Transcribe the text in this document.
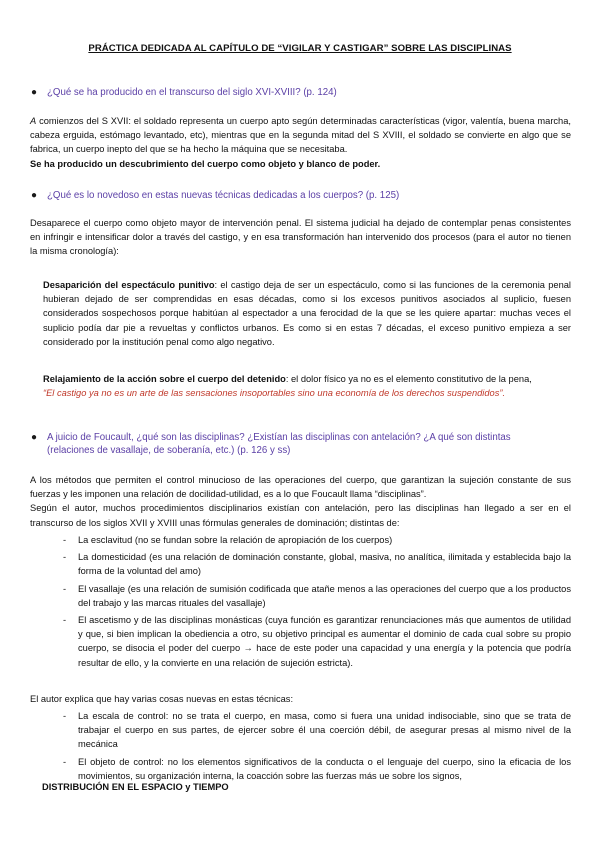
PRÁCTICA DEDICADA AL CAPÍTULO DE “VIGILAR Y CASTIGAR” SOBRE LAS DISCIPLINAS
● ¿Qué se ha producido en el transcurso del siglo XVI-XVIII? (p. 124)

A comienzos del S XVII: el soldado representa un cuerpo apto según determinadas características (vigor, valentía, buena marcha, cabeza erguida, estómago levantado, etc), mientras que en la segunda mitad del S XVIII, el soldado se convierte en algo que se fabrica, un cuerpo inepto del que se ha hecho la máquina que se necesitaba.

Se ha producido un descubrimiento del cuerpo como objeto y blanco de poder.

● ¿Qué es lo novedoso en estas nuevas técnicas dedicadas a los cuerpos? (p. 125)

Desaparece el cuerpo como objeto mayor de intervención penal. El sistema judicial ha dejado de contemplar penas consistentes en infringir e intensificar dolor a través del castigo, y en esa transformación han intervenido dos procesos (para el autor no tienen la misma cronología):

Desaparición del espectáculo punitivo: el castigo deja de ser un espectáculo, como si las funciones de la ceremonia penal hubieran dejado de ser comprendidas en esas décadas, como si los excesos punitivos asociados al suplicio, fuesen considerados sospechosos porque habitúan al espectador a una ferocidad de la que se les quiere apartar: muchas veces el suplicio podía dar pie a revueltas y conflictos urbanos. Es como si en estas 7 décadas, el exceso punitivo empieza a ser considerado por la institución penal como algo negativo.

Relajamiento de la acción sobre el cuerpo del detenido: el dolor físico ya no es el elemento constitutivo de la pena,

“El castigo ya no es un arte de las sensaciones insoportables sino una economía de los derechos suspendidos”.

● A juicio de Foucault, ¿qué son las disciplinas? ¿Existían las disciplinas con antelación? ¿A qué son distintas
(relaciones de vasallaje, de soberanía, etc.) (p. 126 y ss)

A los métodos que permiten el control minucioso de las operaciones del cuerpo, que garantizan la sujeción constante de sus fuerzas y les imponen una relación de docilidad-utilidad, es a lo que Foucault llama “disciplinas”.

Según el autor, muchos procedimientos disciplinarios existían con antelación, pero las disciplinas han llegado a ser en el transcurso de los siglos XVII y XVIII unas fórmulas generales de dominación; distintas de:

- La esclavitud (no se fundan sobre la relación de apropiación de los cuerpos)
- La domesticidad (es una relación de dominación constante, global, masiva, no analítica, ilimitada y establecida bajo la forma de la voluntad del amo)
- El vasallaje (es una relación de sumisión codificada que atañe menos a las operaciones del cuerpo que a los productos del trabajo y las marcas rituales del vasallaje)
- El ascetismo y de las disciplinas monásticas (cuya función es garantizar renunciaciones más que aumentos de utilidad y que, si bien implican la obediencia a otro, su objetivo principal es aumentar el dominio de cada cual sobre su propio cuerpo, se disocia el poder del cuerpo → hace de este poder una capacidad y una energía y la potencia que podría resultar de ello, y la convierte en una relación de sujeción estricta).

El autor explica que hay varias cosas nuevas en estas técnicas:

- La escala de control: no se trata el cuerpo, en masa, como si fuera una unidad indisociable, sino que se trata de trabajar el cuerpo en sus partes, de ejercer sobre él una coerción débil, de asegurar presas al mismo nivel de la mecánica
- El objeto de control: no los elementos significativos de la conducta o el lenguaje del cuerpo, sino la eficacia de los movimientos, su organización interna, la coacción sobre las fuerzas más ue sobre los signos,
DISTRIBUCIÓN EN EL ESPACIO y TIEMPO
